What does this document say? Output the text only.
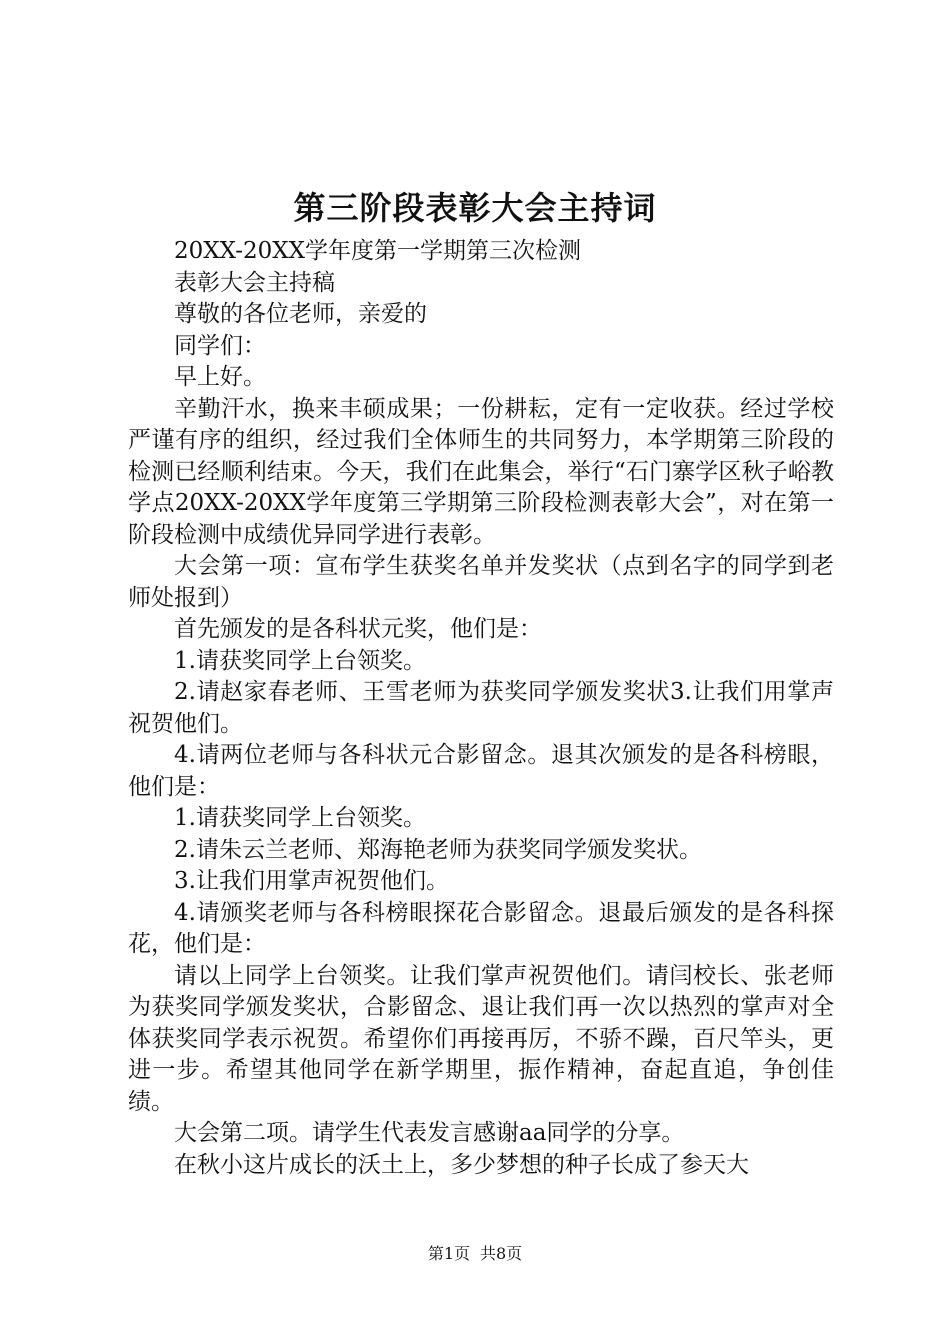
第三阶段表彰大会主持词

20XX-20XX学年度第一学期第三次检测

表彰大会主持稿

尊敬的各位老师，亲爱的

同学们：

早上好。

辛勤汗水，换来丰硕成果；一份耕耘，定有一定收获。经过学校严谨有序的组织，经过我们全体师生的共同努力，本学期第三阶段的检测已经顺利结束。今天，我们在此集会，举行“石门寨学区秋子峪教学点20XX-20XX学年度第三学期第三阶段检测表彰大会”，对在第一阶段检测中成绩优异同学进行表彰。

大会第一项：宣布学生获奖名单并发奖状（点到名字的同学到老师处报到）

首先颁发的是各科状元奖，他们是：

1.请获奖同学上台领奖。

2.请赵家春老师、王雪老师为获奖同学颁发奖状3.让我们用掌声祝贺他们。

4.请两位老师与各科状元合影留念。退其次颁发的是各科榜眼，他们是：

1.请获奖同学上台领奖。

2.请朱云兰老师、郑海艳老师为获奖同学颁发奖状。

3.让我们用掌声祝贺他们。

4.请颁奖老师与各科榜眼探花合影留念。退最后颁发的是各科探花，他们是：

请以上同学上台领奖。让我们掌声祝贺他们。请闫校长、张老师为获奖同学颁发奖状，合影留念、退让我们再一次以热烈的掌声对全体获奖同学表示祝贺。希望你们再接再厉，不骄不躁，百尺竿头，更进一步。希望其他同学在新学期里，振作精神，奋起直追，争创佳绩。

大会第二项。请学生代表发言感谢aa同学的分享。

在秋小这片成长的沃土上，多少梦想的种子长成了参天大

第1页 共8页
